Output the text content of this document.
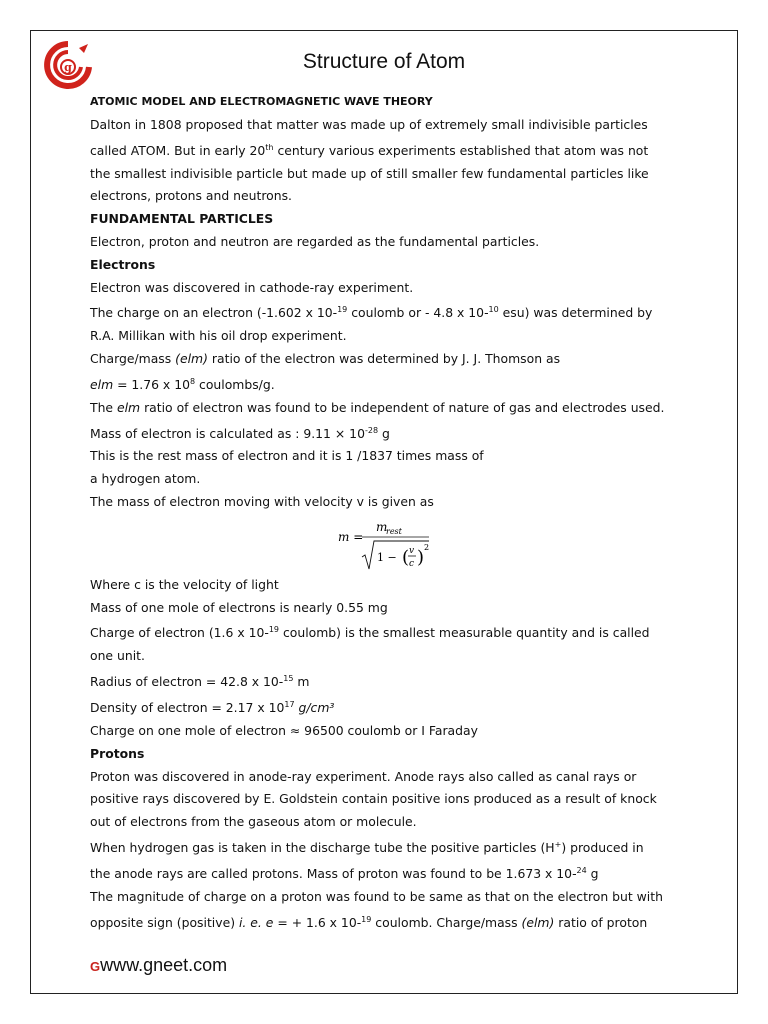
g	Structure of Atom
ATOMIC MODEL AND ELECTROMAGNETIC WAVE THEORY
Dalton in 1808 proposed that matter was made up of extremely small indivisible particles
called ATOM. But in early 20th century various experiments established that atom was not
the smallest indivisible particle but made up of still smaller few fundamental particles like
electrons, protons and neutrons.
FUNDAMENTAL PARTICLES
Electron, proton and neutron are regarded as the fundamental particles.
Electrons
Electron was discovered in cathode-ray experiment.
The charge on an electron (-1.602 x 10-$^{19}$ coulomb or - 4.8 x 10-$^{10}$ esu) was determined by
R.A. Millikan with his oil drop experiment.
Charge/mass (elm) ratio of the electron was determined by J. J. Thomson as
elm = 1.76 x $10^8$ coulombs/g.
The elm ratio of electron was found to be independent of nature of gas and electrodes used.
Mass of electron is calculated as : $9.11 \times 10^{-28}$ g
This is the rest mass of electron and it is 1 /1837 times mass of
a hydrogen atom.
The mass of electron moving with velocity v is given as
m =
m
rest
1 − ( v
c ) 2
Where c is the velocity of light
Mass of one mole of electrons is nearly 0.55 mg
Charge of electron (1.6 x 10-$^{19}$ coulomb) is the smallest measurable quantity and is called
one unit.
Radius of electron = 42.8 x 10-$^{15}$ m
Density of electron = 2.17 x $10^{17}$ g/cm³
Charge on one mole of electron ≈ 96500 coulomb or I Faraday
Protons
Proton was discovered in anode-ray experiment. Anode rays also called as canal rays or
positive rays discovered by E. Goldstein contain positive ions produced as a result of knock
out of electrons from the gaseous atom or molecule.
When hydrogen gas is taken in the discharge tube the positive particles (H+) produced in
the anode rays are called protons. Mass of proton was found to be 1.673 x 10-$^{24}$ g
The magnitude of charge on a proton was found to be same as that on the electron but with
opposite sign (positive) i. e. e = + 1.6 x 10-$^{19}$ coulomb. Charge/mass (elm) ratio of proton
Gwww.gneet.com
